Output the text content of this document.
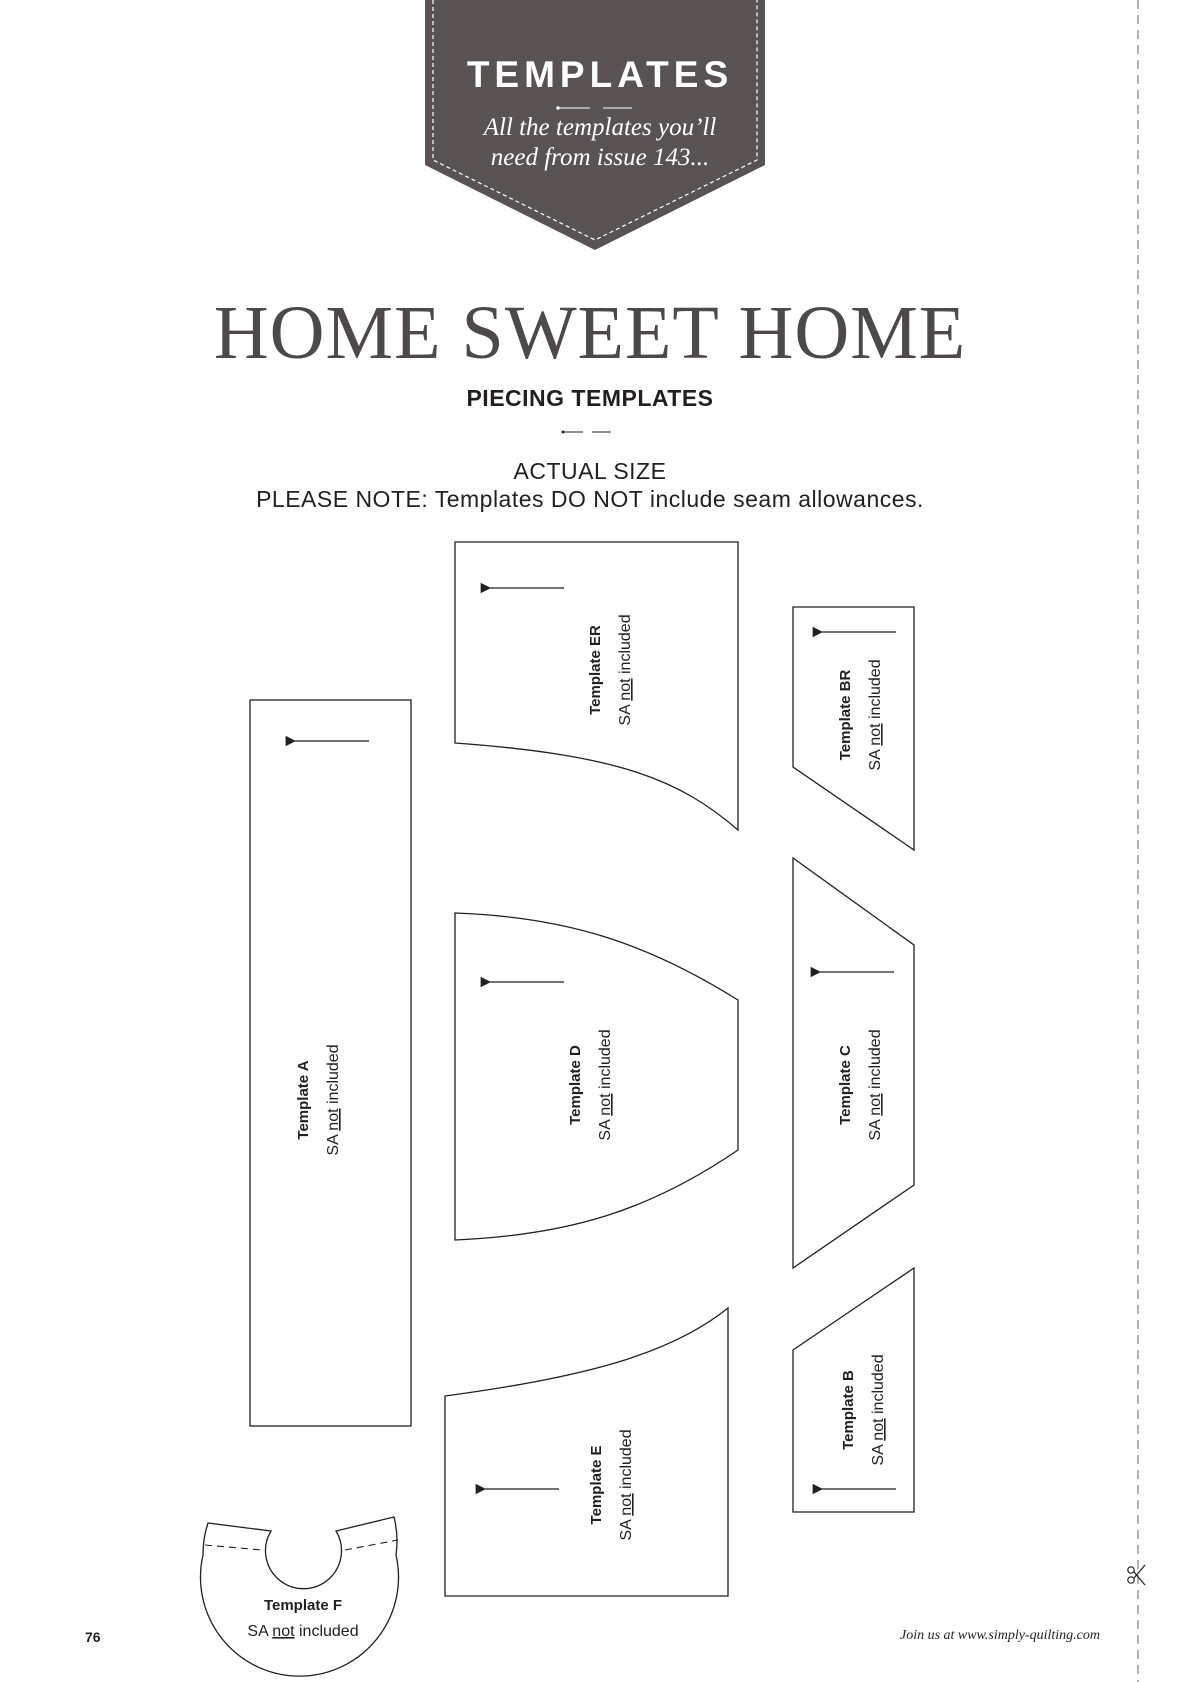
Template A
SA not included
Template ER SA not included
Template D
SA not included
Template E
SA not included
Template BR SA not included
Template C
SA not included
Template B
SA not included
Template F
SA not included
TEMPLATES
All the templates you’ll
need from issue 143...
HOME SWEET HOME
PIECING TEMPLATES
ACTUAL SIZE
PLEASE NOTE: Templates DO NOT include seam allowances.
76	Join us at www.simply-quilting.com
